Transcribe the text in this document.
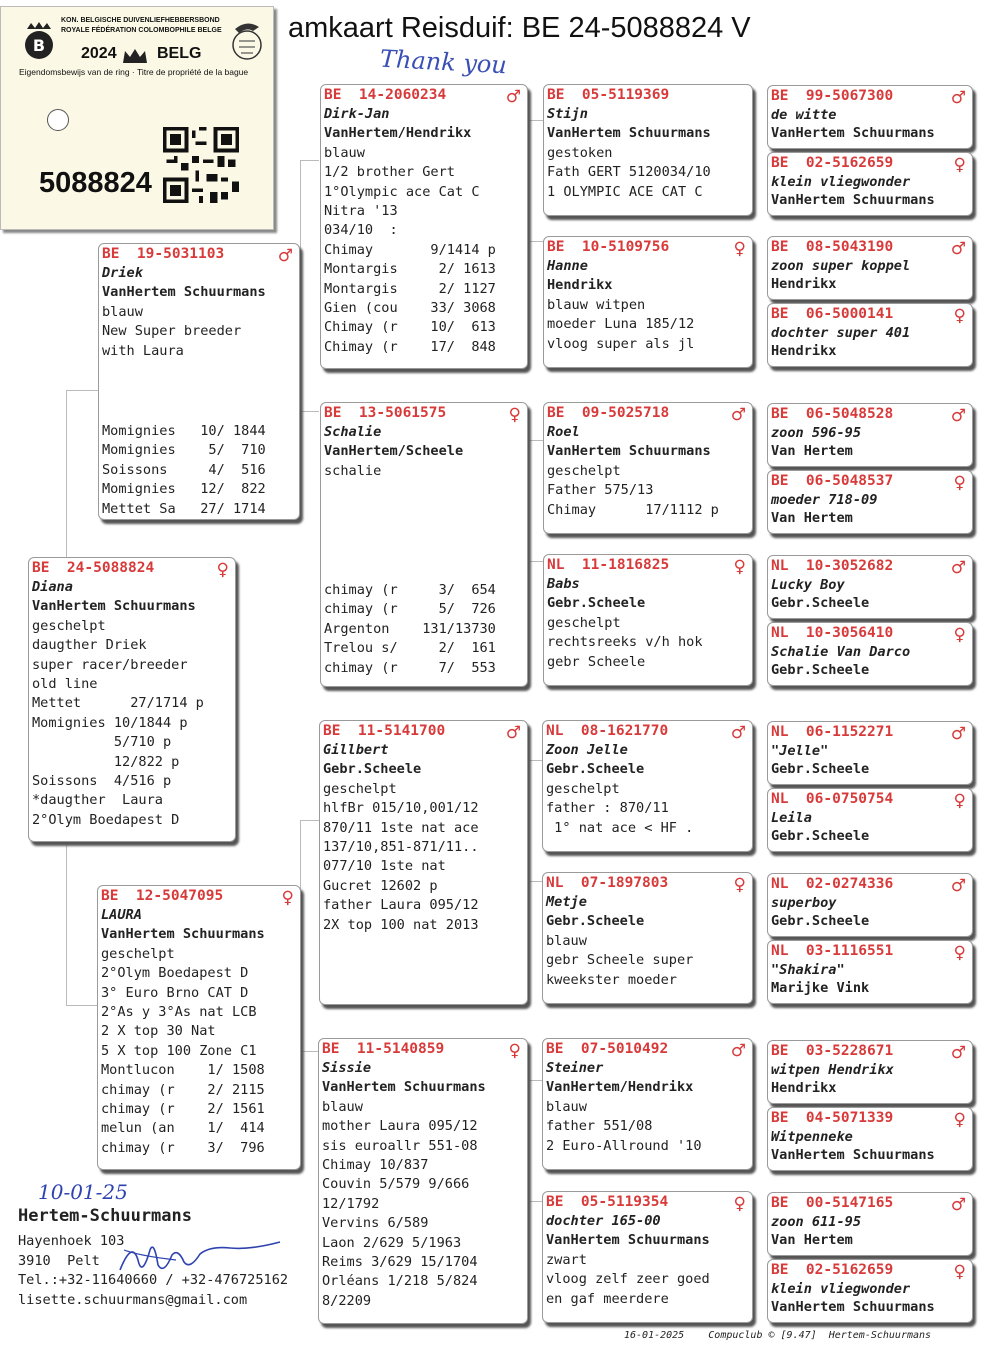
amkaart Reisduif: BE 24-5088824 V
Thank you
B
KON. BELGISCHE DUIVENLIEFHEBBERSBOND
ROYALE FÉDÉRATION COLOMBOPHILE BELGE
2024	BELG
Eigendomsbewijs van de ring · Titre de propriété de la bague
5088824
BE  24-5088824	♀
Diana
VanHertem Schuurmans
geschelpt
daugther Driek
super racer/breeder
old line
Mettet      27/1714 p
Momignies 10/1844 p
5/710 p
12/822 p
Soissons  4/516 p
*daugther  Laura
2°Olym Boedapest D
BE  19-5031103	♂
Driek
VanHertem Schuurmans
blauw
New Super breeder
with Laura
Momignies   10/ 1844
Momignies    5/  710
Soissons     4/  516
Momignies   12/  822
Mettet Sa   27/ 1714
BE  12-5047095	♀
LAURA
VanHertem Schuurmans
geschelpt
2°Olym Boedapest D
3° Euro Brno CAT D
2°As y 3°As nat LCB
2 X top 30 Nat
5 X top 100 Zone C1
Montlucon    1/ 1508
chimay (r    2/ 2115
chimay (r    2/ 1561
melun (an    1/  414
chimay (r    3/  796
BE  14-2060234	♂
Dirk-Jan
VanHertem/Hendrikx
blauw
1/2 brother Gert
1°Olympic ace Cat C
Nitra '13
034/10  :
Chimay       9/1414 p
Montargis     2/ 1613
Montargis     2/ 1127
Gien (cou    33/ 3068
Chimay (r    10/  613
Chimay (r    17/  848
BE  13-5061575	♀
Schalie
VanHertem/Scheele
schalie
chimay (r     3/  654
chimay (r     5/  726
Argenton    131/13730
Trelou s/     2/  161
chimay (r     7/  553
BE  11-5141700	♂
Gillbert
Gebr.Scheele
geschelpt
hlfBr 015/10,001/12
870/11 1ste nat ace
137/10,851-871/11..
077/10 1ste nat
Gucret 12602 p
father Laura 095/12
2X top 100 nat 2013
BE  11-5140859	♀
Sissie
VanHertem Schuurmans
blauw
mother Laura 095/12
sis euroallr 551-08
Chimay 10/837
Couvin 5/579 9/666
12/1792
Vervins 6/589
Laon 2/629 5/1963
Reims 3/629 15/1704
Orléans 1/218 5/824
8/2209
BE  05-5119369
Stijn
VanHertem Schuurmans
gestoken
Fath GERT 5120034/10
1 OLYMPIC ACE CAT C
BE  10-5109756	♀
Hanne
Hendrikx
blauw witpen
moeder Luna 185/12
vloog super als jl
BE  09-5025718	♂
Roel
VanHertem Schuurmans
geschelpt
Father 575/13
Chimay      17/1112 p
NL  11-1816825	♀
Babs
Gebr.Scheele
geschelpt
rechtsreeks v/h hok
gebr Scheele
NL  08-1621770	♂
Zoon Jelle
Gebr.Scheele
geschelpt
father : 870/11
1° nat ace < HF .
NL  07-1897803	♀
Metje
Gebr.Scheele
blauw
gebr Scheele super
kweekster moeder
BE  07-5010492	♂
Steiner
VanHertem/Hendrikx
blauw
father 551/08
2 Euro-Allround '10
BE  05-5119354	♀
dochter 165-00
VanHertem Schuurmans
zwart
vloog zelf zeer goed
en gaf meerdere
BE  99-5067300	♂
de witte
VanHertem Schuurmans
BE  02-5162659	♀
klein vliegwonder
VanHertem Schuurmans
BE  08-5043190	♂
zoon super koppel
Hendrikx
BE  06-5000141	♀
dochter super 401
Hendrikx
BE  06-5048528	♂
zoon 596-95
Van Hertem
BE  06-5048537	♀
moeder 718-09
Van Hertem
NL  10-3052682	♂
Lucky Boy
Gebr.Scheele
NL  10-3056410	♀
Schalie Van Darco
Gebr.Scheele
NL  06-1152271	♂
"Jelle"
Gebr.Scheele
NL  06-0750754	♀
Leila
Gebr.Scheele
NL  02-0274336	♂
superboy
Gebr.Scheele
NL  03-1116551	♀
"Shakira"
Marijke Vink
BE  03-5228671	♂
witpen Hendrikx
Hendrikx
BE  04-5071339	♀
Witpenneke
VanHertem Schuurmans
BE  00-5147165	♂
zoon 611-95
Van Hertem
BE  02-5162659	♀
klein vliegwonder
VanHertem Schuurmans
10-01-25
Hertem-Schuurmans
Hayenhoek 103
3910  Pelt
Tel.:+32-11640660 / +32-476725162
lisette.schuurmans@gmail.com
16-01-2025    Compuclub © [9.47]  Hertem-Schuurmans
